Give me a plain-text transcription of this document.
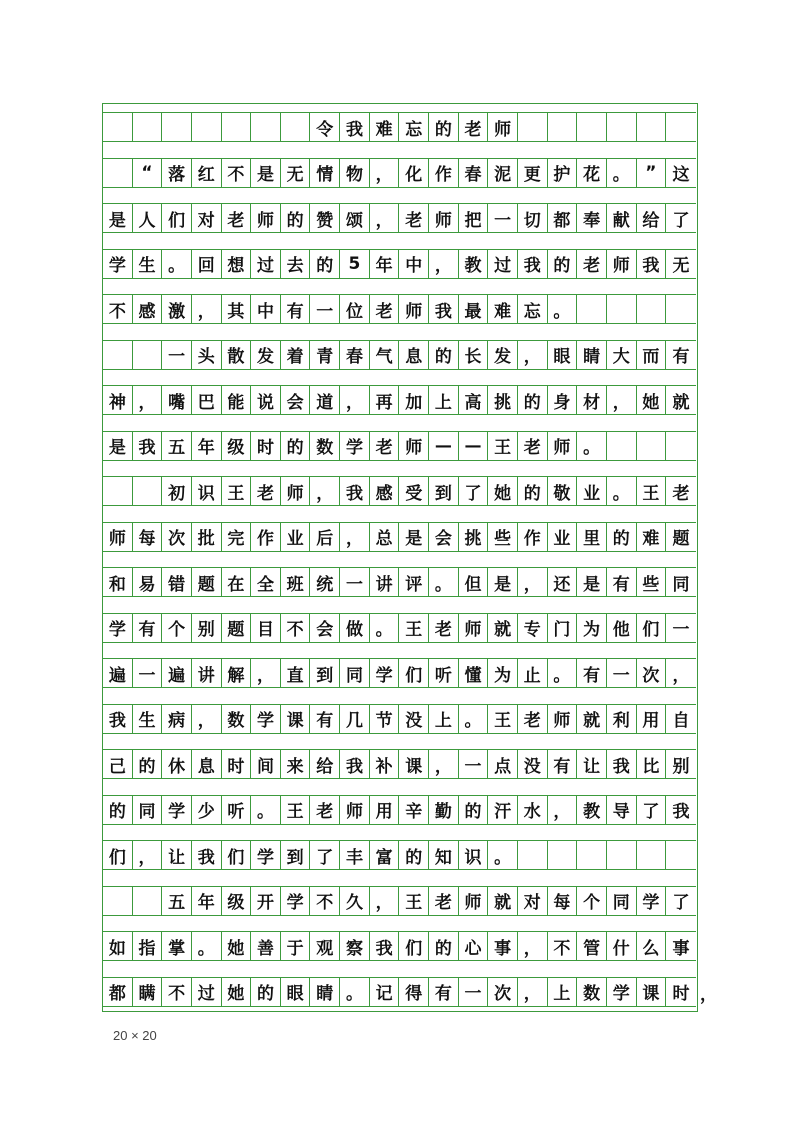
令 我 难 忘 的 老 师
“ 落 红 不 是 无 情 物 ， 化 作 春 泥 更 护 花 。 ” 这
是 人 们 对 老 师 的 赞 颂 ， 老 师 把 一 切 都 奉 献 给 了
学 生 。 回 想 过 去 的 5 年 中 ， 教 过 我 的 老 师 我 无
不 感 激 ， 其 中 有 一 位 老 师 我 最 难 忘 。
一 头 散 发 着 青 春 气 息 的 长 发 ， 眼 睛 大 而 有
神 ， 嘴 巴 能 说 会 道 ， 再 加 上 高 挑 的 身 材 ， 她 就
是 我 五 年 级 时 的 数 学 老 师 — — 王 老 师 。
初 识 王 老 师 ， 我 感 受 到 了 她 的 敬 业 。 王 老
师 每 次 批 完 作 业 后 ， 总 是 会 挑 些 作 业 里 的 难 题
和 易 错 题 在 全 班 统 一 讲 评 。 但 是 ， 还 是 有 些 同
学 有 个 别 题 目 不 会 做 。 王 老 师 就 专 门 为 他 们 一
遍 一 遍 讲 解 ， 直 到 同 学 们 听 懂 为 止 。 有 一 次 ，
我 生 病 ， 数 学 课 有 几 节 没 上 。 王 老 师 就 利 用 自
己 的 休 息 时 间 来 给 我 补 课 ， 一 点 没 有 让 我 比 别
的 同 学 少 听 。 王 老 师 用 辛 勤 的 汗 水 ， 教 导 了 我
们 ， 让 我 们 学 到 了 丰 富 的 知 识 。
五 年 级 开 学 不 久 ， 王 老 师 就 对 每 个 同 学 了
如 指 掌 。 她 善 于 观 察 我 们 的 心 事 ， 不 管 什 么 事
都 瞒 不 过 她 的 眼 睛 。 记 得 有 一 次 ， 上 数 学 课 时 ，
20 × 20
